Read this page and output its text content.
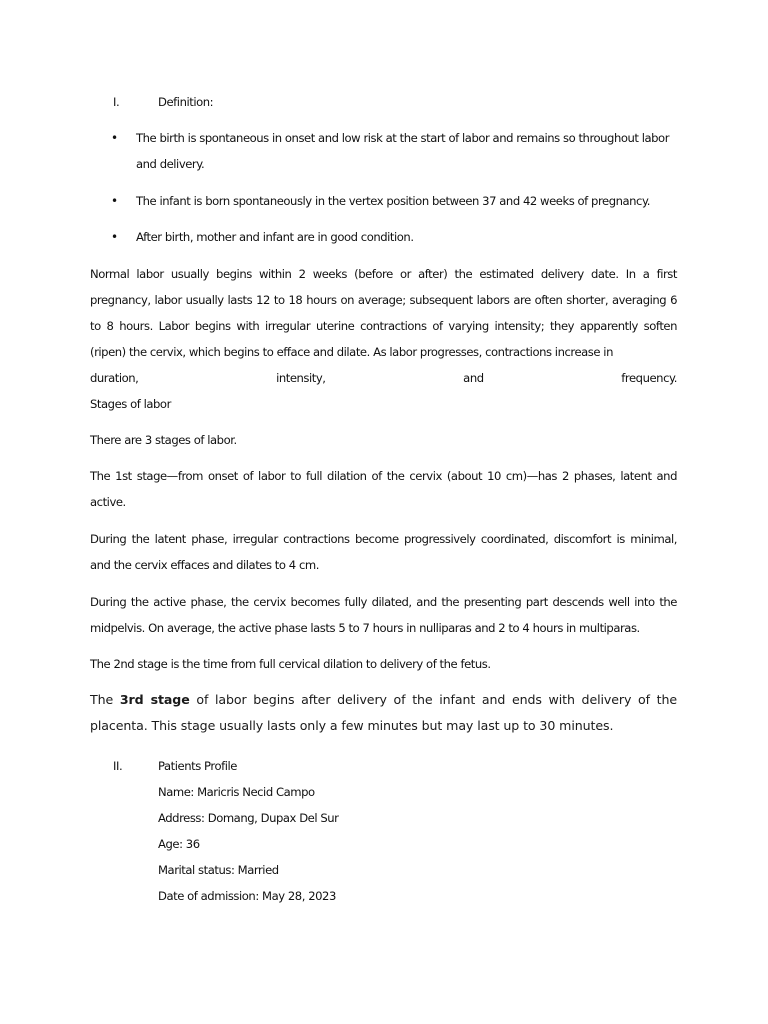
I.	Definition:
• The birth is spontaneous in onset and low risk at the start of labor and remains so throughout labor and delivery.
• The infant is born spontaneously in the vertex position between 37 and 42 weeks of pregnancy.
• After birth, mother and infant are in good condition.
Normal labor usually begins within 2 weeks (before or after) the estimated delivery date. In a first pregnancy, labor usually lasts 12 to 18 hours on average; subsequent labors are often shorter, averaging 6 to 8 hours. Labor begins with irregular uterine contractions of varying intensity; they apparently soften (ripen) the cervix, which begins to efface and dilate. As labor progresses, contractions increase in
duration, intensity, and frequency.
Stages of labor
There are 3 stages of labor.
The 1st stage—from onset of labor to full dilation of the cervix (about 10 cm)—has 2 phases, latent and active.
During the latent phase, irregular contractions become progressively coordinated, discomfort is minimal, and the cervix effaces and dilates to 4 cm.
During the active phase, the cervix becomes fully dilated, and the presenting part descends well into the midpelvis. On average, the active phase lasts 5 to 7 hours in nulliparas and 2 to 4 hours in multiparas.
The 2nd stage is the time from full cervical dilation to delivery of the fetus.
The 3rd stage of labor begins after delivery of the infant and ends with delivery of the placenta. This stage usually lasts only a few minutes but may last up to 30 minutes.
II.	Patients Profile
Name: Maricris Necid Campo
Address: Domang, Dupax Del Sur
Age: 36
Marital status: Married
Date of admission: May 28, 2023
